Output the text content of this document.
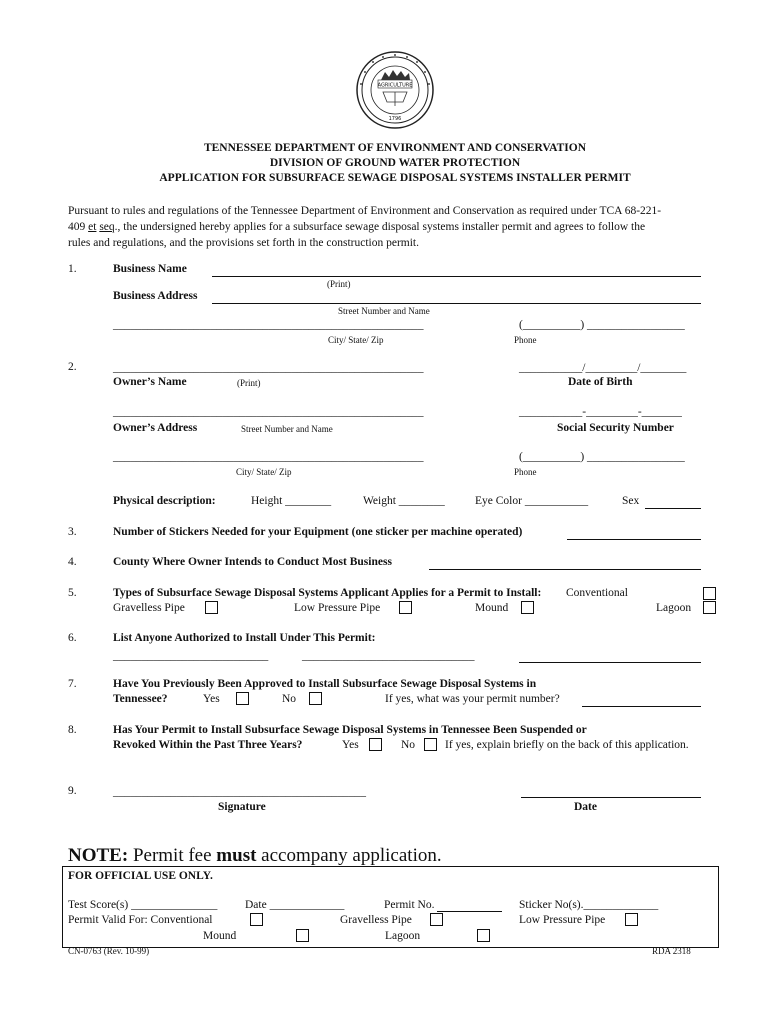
AGRICULTURE
1796
TENNESSEE DEPARTMENT OF ENVIRONMENT AND CONSERVATION
DIVISION OF GROUND WATER PROTECTION
APPLICATION FOR SUBSURFACE SEWAGE DISPOSAL SYSTEMS INSTALLER PERMIT
Pursuant to rules and regulations of the Tennessee Department of Environment and Conservation as required under TCA 68-221-
409 et seq., the undersigned hereby applies for a subsurface sewage disposal systems installer permit and agrees to follow the
rules and regulations, and the provisions set forth in the construction permit.
1.	Business Name
(Print)
Business Address
Street Number and Name
______________________________________________________	(__________) _________________
City/ State/ Zip	Phone
2.	______________________________________________________	___________/_________/________
Owner’s Name	(Print)	Date of Birth
______________________________________________________	___________-_________-_______
Owner’s Address	Street Number and Name	Social Security Number
______________________________________________________	(__________) _________________
City/ State/ Zip	Phone
Physical description:	Height ________	Weight ________	Eye Color ___________	Sex
3.	Number of Stickers Needed for your Equipment (one sticker per machine operated)
4.	County Where Owner Intends to Conduct Most Business
5.	Types of Subsurface Sewage Disposal Systems Applicant Applies for a Permit to Install: Conventional
Gravelless Pipe	Low Pressure Pipe	Mound	Lagoon
6.	List Anyone Authorized to Install Under This Permit:
___________________________	______________________________
7.	Have You Previously Been Approved to Install Subsurface Sewage Disposal Systems in
Tennessee?	Yes	No	If yes, what was your permit number?
8.	Has Your Permit to Install Subsurface Sewage Disposal Systems in Tennessee Been Suspended or
Revoked Within the Past Three Years?	Yes	No	If yes, explain briefly on the back of this application.
9.	____________________________________________
Signature	Date
NOTE: Permit fee must accompany application.
FOR OFFICIAL USE ONLY.
Test Score(s) _______________ Date _____________	Permit No.	Sticker No(s)._____________
Permit Valid For: Conventional	Gravelless Pipe	Low Pressure Pipe
Mound	Lagoon
CN-0763 (Rev. 10-99)	RDA 2318
